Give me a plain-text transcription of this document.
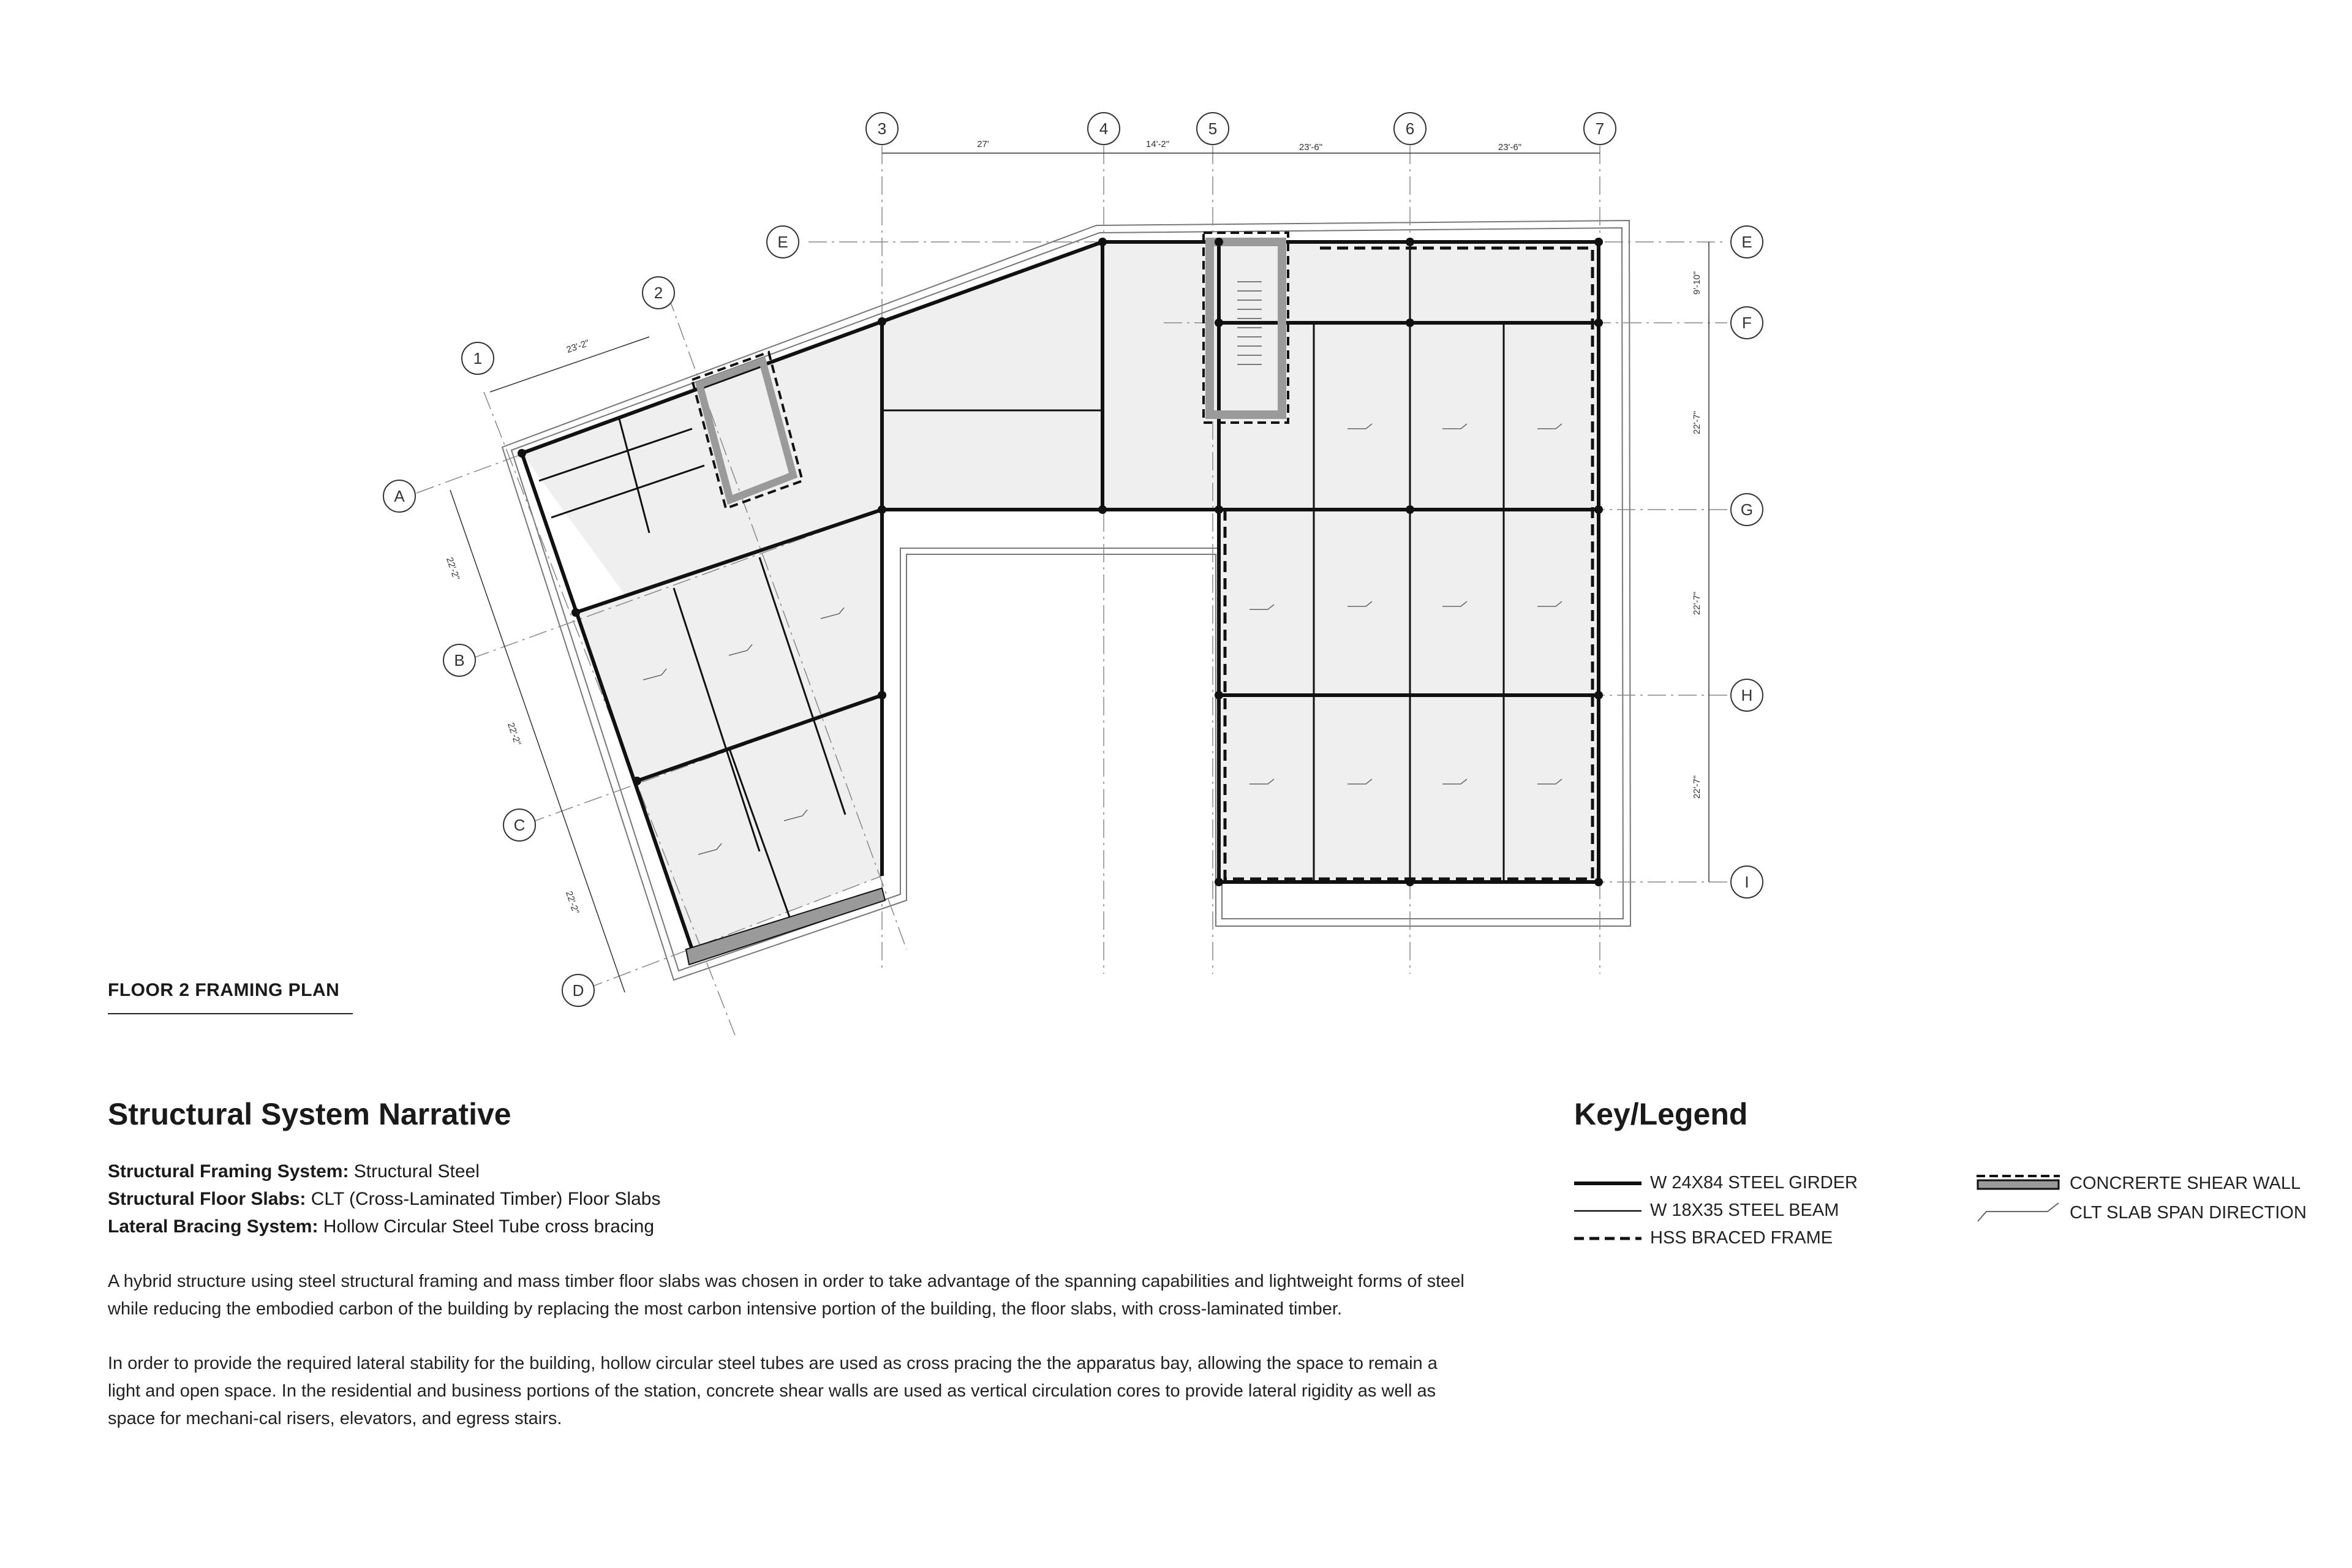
1
2
3	4	5	6	7
A
B
C
D
E	E
F
G
H
I
27'	14'-2"	23'-6"	23'-6"
9'-10"
22'-7"
22'-7"
22'-7"
23'-2"
22'-2"
22'-2"
22'-2"
FLOOR 2 FRAMING PLAN
Structural System Narrative
Structural Framing System: Structural Steel
Structural Floor Slabs: CLT (Cross-Laminated Timber) Floor Slabs
Lateral Bracing System: Hollow Circular Steel Tube cross bracing
A hybrid structure using steel structural framing and mass timber floor slabs was chosen in order to take advantage of the spanning capabilities and lightweight forms of steel while reducing the embodied carbon of the building by replacing the most carbon intensive portion of the building, the floor slabs, with cross-laminated timber.
In order to provide the required lateral stability for the building, hollow circular steel tubes are used as cross pracing the the apparatus bay, allowing the space to remain a light and open space. In the residential and business portions of the station, concrete shear walls are used as vertical circulation cores to provide lateral rigidity as well as space for mechani-cal risers, elevators, and egress stairs.
Key/Legend
W 24X84 STEEL GIRDER
W 18X35 STEEL BEAM
HSS BRACED FRAME
CONCRERTE SHEAR WALL
CLT SLAB SPAN DIRECTION
